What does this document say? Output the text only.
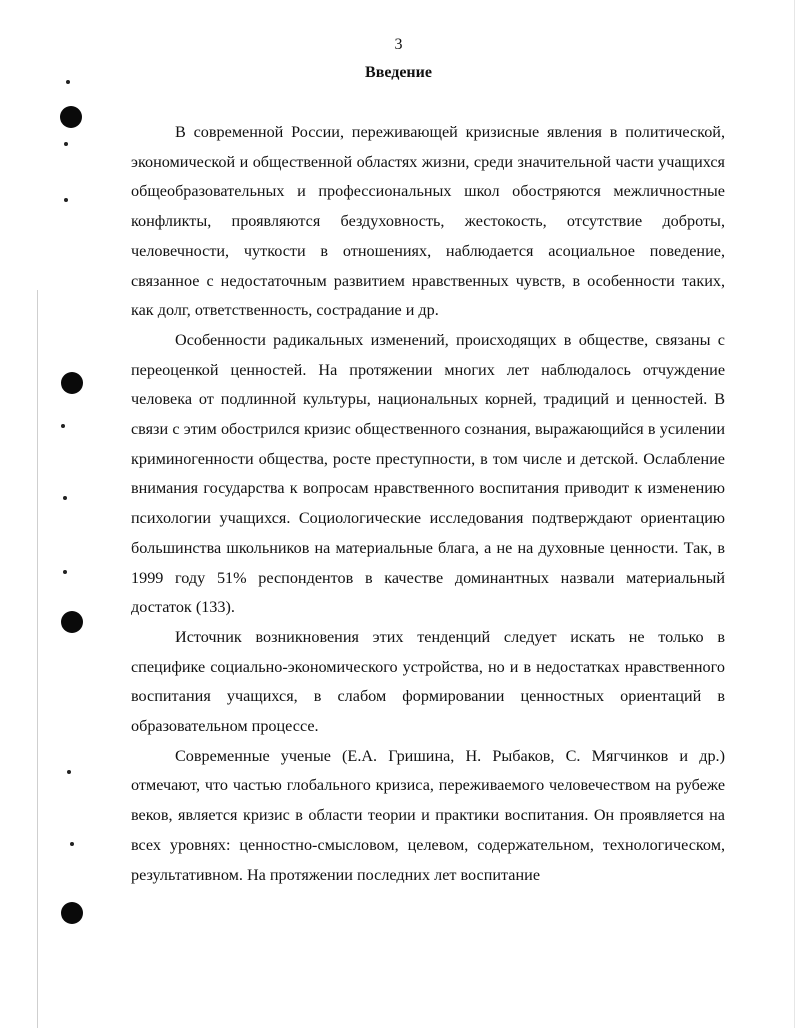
3
Введение

В современной России, переживающей кризисные явления в политической, экономической и общественной областях жизни, среди значительной части учащихся общеобразовательных и профессиональных школ обостряются межличностные конфликты, проявляются бездуховность, жестокость, отсутствие доброты, человечности, чуткости в отношениях, наблюдается асоциальное поведение, связанное с недостаточным развитием нравственных чувств, в особенности таких, как долг, ответственность, сострадание и др.

Особенности радикальных изменений, происходящих в обществе, связаны с переоценкой ценностей. На протяжении многих лет наблюдалось отчуждение человека от подлинной культуры, национальных корней, традиций и ценностей. В связи с этим обострился кризис общественного сознания, выражающийся в усилении криминогенности общества, росте преступности, в том числе и детской. Ослабление внимания государства к вопросам нравственного воспитания приводит к изменению психологии учащихся. Социологические исследования подтверждают ориентацию большинства школьников на материальные блага, а не на духовные ценности. Так, в 1999 году 51% респондентов в качестве доминантных назвали материальный достаток (133).

Источник возникновения этих тенденций следует искать не только в специфике социально-экономического устройства, но и в недостатках нравственного воспитания учащихся, в слабом формировании ценностных ориентаций в образовательном процессе.

Современные ученые (Е.А. Гришина, Н. Рыбаков, С. Мягчинков и др.) отмечают, что частью глобального кризиса, переживаемого человечеством на рубеже веков, является кризис в области теории и практики воспитания. Он проявляется на всех уровнях: ценностно-смысловом, целевом, содержательном, технологическом, результативном. На протяжении последних лет воспитание
